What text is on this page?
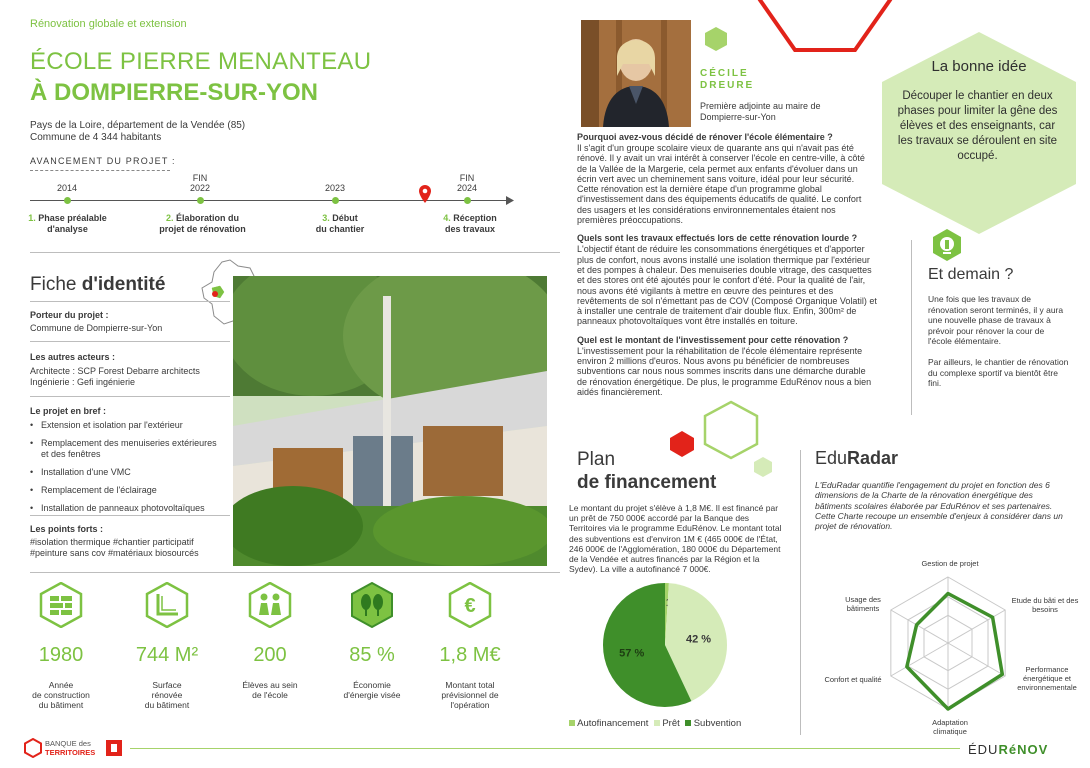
Rénovation globale et extension
ÉCOLE PIERRE MENANTEAU
À DOMPIERRE-SUR-YON
Pays de la Loire, département de la Vendée (85)
Commune de 4 344 habitants
AVANCEMENT DU PROJET :
2014
FIN
2022	2023
FIN
2024
1. Phase préalable
d'analyse
2. Élaboration du
projet de rénovation
3. Début
du chantier
4. Réception
des travaux
Fiche d'identité
Porteur du projet :
Commune de Dompierre-sur-Yon
Les autres acteurs :
Architecte : SCP Forest Debarre architects
Ingénierie : Gefi ingénierie
Le projet en bref :
• Extension et isolation par l'extérieur
• Remplacement des menuiseries extérieures et des fenêtres
• Installation d'une VMC
• Remplacement de l'éclairage
• Installation de panneaux photovoltaïques
Les points forts :
#isolation thermique #chantier participatif
#peinture sans cov #matériaux biosourcés
€
1980	744 M²	200	85 %	1,8 M€
Année
de construction
du bâtiment
Surface
rénovée
du bâtiment
Élèves au sein
de l'école
Économie
d'énergie visée
Montant total
prévisionnel de
l'opération
CÉCILE
DREURE
Première adjointe au maire de
Dompierre-sur-Yon
Pourquoi avez-vous décidé de rénover l'école élémentaire ?
Il s'agit d'un groupe scolaire vieux de quarante ans qui n'avait pas été rénové. Il y avait un vrai intérêt à conserver l'école en centre-ville, à côté de la Vallée de la Margerie, cela permet aux enfants d'évoluer dans un écrin vert avec un cheminement sans voiture, idéal pour leur sécurité. Cette rénovation est la dernière étape d'un programme global d'investissement dans des équipements éducatifs de qualité. Le confort des usagers et les considérations environnementales étaient nos premières préoccupations.
Quels sont les travaux effectués lors de cette rénovation lourde ?
L'objectif étant de réduire les consommations énergétiques et d'apporter plus de confort, nous avons installé une isolation thermique par l'extérieur et des pompes à chaleur. Des menuiseries double vitrage, des casquettes et des stores ont été ajoutés pour le confort d'été. Pour la qualité de l'air, nous avons été vigilants à mettre en œuvre des peintures et des revêtements de sol n'émettant pas de COV (Composé Organique Volatil) et à installer une centrale de traitement d'air double flux. Enfin, 300m² de panneaux photovoltaïques vont être installés en toiture.
Quel est le montant de l'investissement pour cette rénovation ?
L'investissement pour la réhabilitation de l'école élémentaire représente environ 2 millions d'euros. Nous avons pu bénéficier de nombreuses subventions car nous nous sommes inscrits dans une démarche durable de rénovation énergétique. De plus, le programme EduRénov nous a bien aidés financièrement.
La bonne idée
Découper le chantier en deux phases pour limiter la gêne des élèves et des enseignants, car les travaux se déroulent en site occupé.
Et demain ?
Une fois que les travaux de rénovation seront terminés, il y aura une nouvelle phase de travaux à prévoir pour rénover la cour de l'école élémentaire.
Par ailleurs, le chantier de rénovation du complexe sportif va bientôt être fini.
Plan
de financement
Le montant du projet s'élève à 1,8 M€. Il est financé par un prêt de 750 000€ accordé par la Banque des Territoires via le programme EduRénov. Le montant total des subventions est d'environ 1M € (465 000€ de l'État, 246 000€ de l'Agglomération, 180 000€ du Département de la Vendée et autres financés par la Région et la Sydev). La ville a autofinancé 7 000€.
42 %
57 %
Autofinancement Prêt Subvention
EduRadar
L'EduRadar quantifie l'engagement du projet en fonction des 6 dimensions de la Charte de la rénovation énergétique des bâtiments scolaires élaborée par EduRénov et ses partenaires. Cette Charte recoupe un ensemble d'enjeux à considérer dans un projet de rénovation.
Gestion de projet
Etude du bâti et des besoins
Performance énergétique et environnementale
Adaptation climatique
Confort et qualité
Usage des bâtiments
BANQUE des
TERRITOIRES	ÉDURéNOV
